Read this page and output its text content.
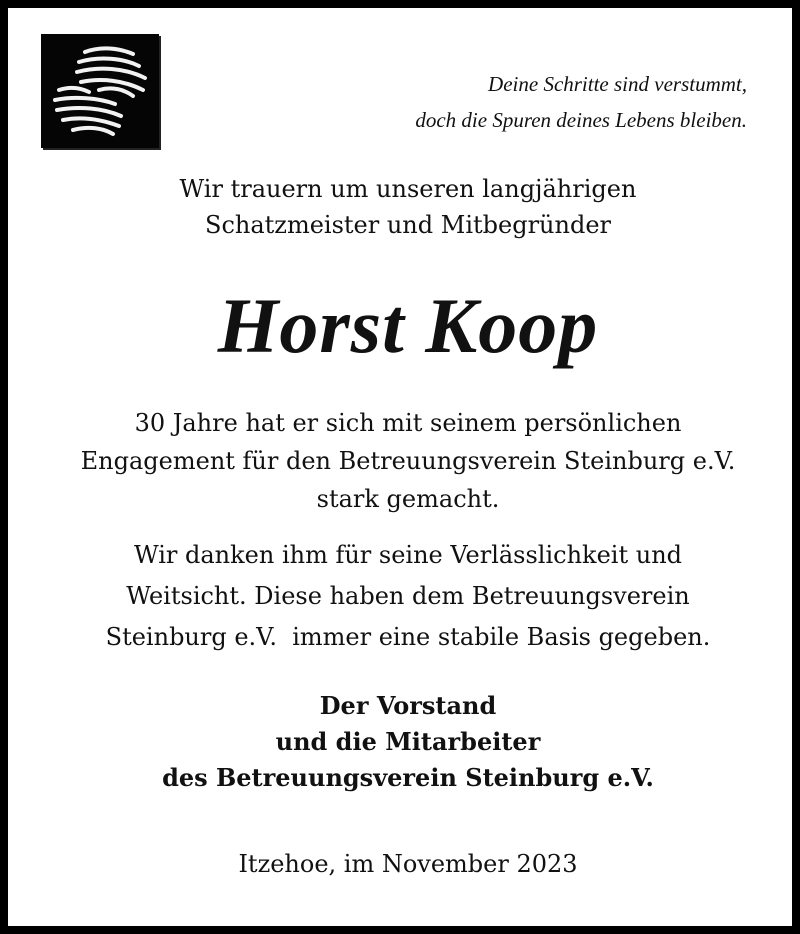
Deine Schritte sind verstummt,
doch die Spuren deines Lebens bleiben.
Wir trauern um unseren langjährigen
Schatzmeister und Mitbegründer
Horst Koop
30 Jahre hat er sich mit seinem persönlichen
Engagement für den Betreuungsverein Steinburg e.V.
stark gemacht.
Wir danken ihm für seine Verlässlichkeit und
Weitsicht. Diese haben dem Betreuungsverein
Steinburg e.V.  immer eine stabile Basis gegeben.
Der Vorstand
und die Mitarbeiter
des Betreuungsverein Steinburg e.V.
Itzehoe, im November 2023
